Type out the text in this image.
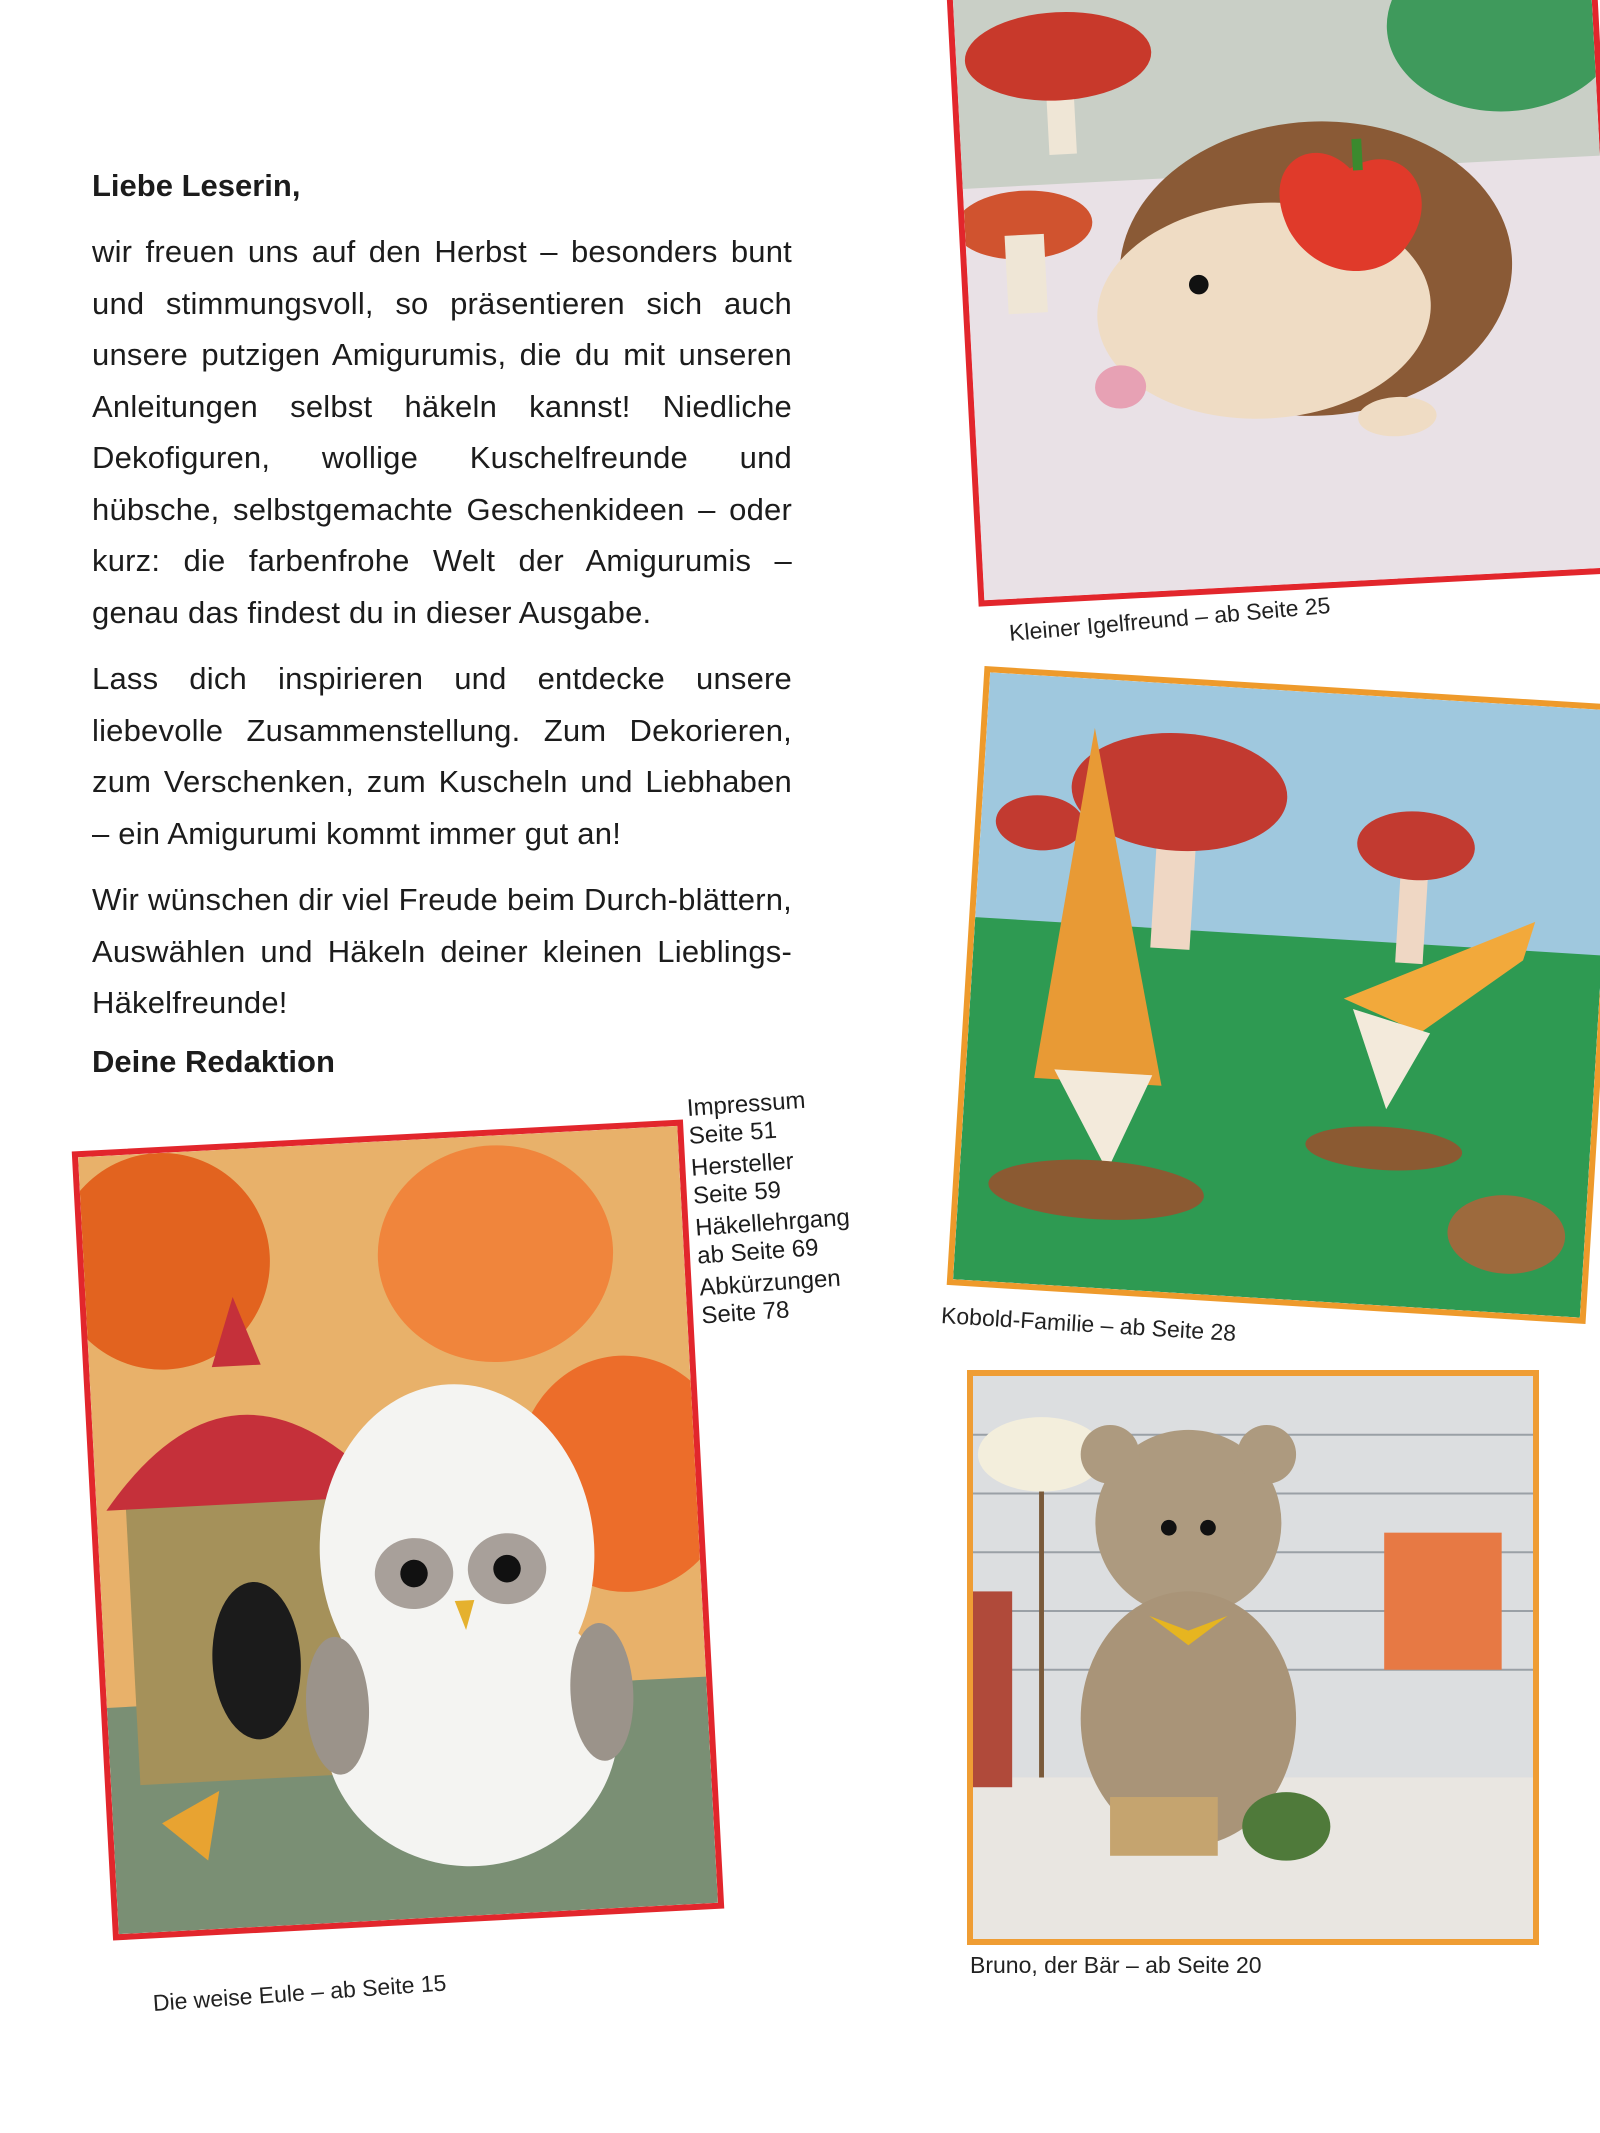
Liebe Leserin,

wir freuen uns auf den Herbst – besonders bunt und stimmungsvoll, so präsentieren sich auch unsere putzigen Amigurumis, die du mit unseren Anleitungen selbst häkeln kannst! Niedliche Dekofiguren, wollige Kuschelfreunde und hübsche, selbstgemachte Geschenkideen – oder kurz: die farbenfrohe Welt der Amigurumis – genau das findest du in dieser Ausgabe.

Lass dich inspirieren und entdecke unsere liebevolle Zusammenstellung. Zum Dekorieren, zum Verschenken, zum Kuscheln und Liebhaben – ein Amigurumi kommt immer gut an!

Wir wünschen dir viel Freude beim Durch-blättern, Auswählen und Häkeln deiner kleinen Lieblings-Häkelfreunde!

Deine Redaktion
Kleiner Igelfreund – ab Seite 25
Kobold-Familie – ab Seite 28
Bruno, der Bär – ab Seite 20
Die weise Eule – ab Seite 15
Impressum
Seite 51
Hersteller
Seite 59
Häkellehrgang
ab Seite 69
Abkürzungen
Seite 78
